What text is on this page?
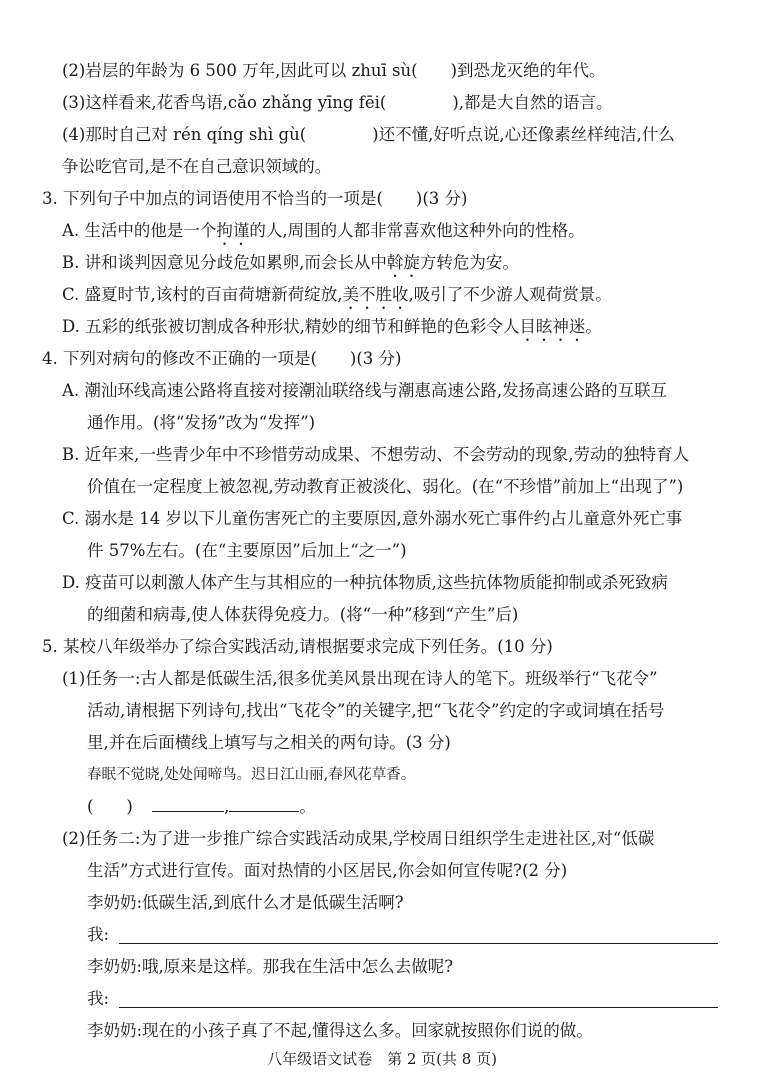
(2)岩层的年龄为 6 500 万年,因此可以 zhuī sù(　　)到恐龙灭绝的年代。
(3)这样看来,花香鸟语,cǎo zhǎng yīng fēi(　　　　),都是大自然的语言。
(4)那时自己对 rén qíng shì gù(　　　　)还不懂,好听点说,心还像素丝样纯洁,什么
争讼吃官司,是不在自己意识领域的。
3. 下列句子中加点的词语使用不恰当的一项是(　　)(3 分)
A. 生活中的他是一个拘谨的人,周围的人都非常喜欢他这种外向的性格。
B. 讲和谈判因意见分歧危如累卵,而会长从中斡旋方转危为安。
C. 盛夏时节,该村的百亩荷塘新荷绽放,美不胜收,吸引了不少游人观荷赏景。
D. 五彩的纸张被切割成各种形状,精妙的细节和鲜艳的色彩令人目眩神迷。
4. 下列对病句的修改不正确的一项是(　　)(3 分)
A. 潮汕环线高速公路将直接对接潮汕联络线与潮惠高速公路,发扬高速公路的互联互
通作用。(将“发扬”改为“发挥”)
B. 近年来,一些青少年中不珍惜劳动成果、不想劳动、不会劳动的现象,劳动的独特育人
价值在一定程度上被忽视,劳动教育正被淡化、弱化。(在“不珍惜”前加上“出现了”)
C. 溺水是 14 岁以下儿童伤害死亡的主要原因,意外溺水死亡事件约占儿童意外死亡事
件 57%左右。(在“主要原因”后加上“之一”)
D. 疫苗可以刺激人体产生与其相应的一种抗体物质,这些抗体物质能抑制或杀死致病
的细菌和病毒,使人体获得免疫力。(将“一种”移到“产生”后)
5. 某校八年级举办了综合实践活动,请根据要求完成下列任务。(10 分)
(1)任务一:古人都是低碳生活,很多优美风景出现在诗人的笔下。班级举行“飞花令”
活动,请根据下列诗句,找出“飞花令”的关键字,把“飞花令”约定的字或词填在括号
里,并在后面横线上填写与之相关的两句诗。(3 分)
春眠不觉晓,处处闻啼鸟。迟日江山丽,春风花草香。
(　　)	,	。
(2)任务二:为了进一步推广综合实践活动成果,学校周日组织学生走进社区,对“低碳
生活”方式进行宣传。面对热情的小区居民,你会如何宣传呢?(2 分)
李奶奶:低碳生活,到底什么才是低碳生活啊?
我:
李奶奶:哦,原来是这样。那我在生活中怎么去做呢?
我:
李奶奶:现在的小孩子真了不起,懂得这么多。回家就按照你们说的做。
八年级语文试卷　第 2 页(共 8 页)
